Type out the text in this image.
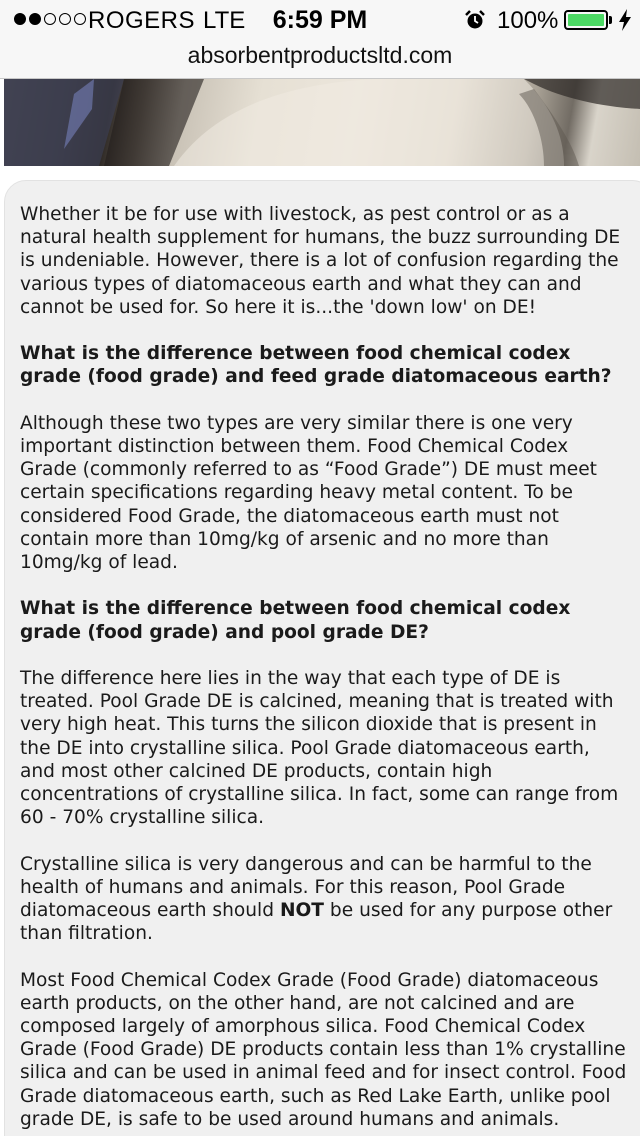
ROGERS LTE	6:59 PM	100%
absorbentproductsltd.com

Whether it be for use with livestock, as pest control or as a natural health supplement for humans, the buzz surrounding DE is undeniable. However, there is a lot of confusion regarding the various types of diatomaceous earth and what they can and cannot be used for. So here it is...the 'down low' on DE!

What is the difference between food chemical codex grade (food grade) and feed grade diatomaceous earth?

Although these two types are very similar there is one very important distinction between them. Food Chemical Codex Grade (commonly referred to as “Food Grade”) DE must meet certain specifications regarding heavy metal content. To be considered Food Grade, the diatomaceous earth must not contain more than 10mg/kg of arsenic and no more than 10mg/kg of lead.

What is the difference between food chemical codex grade (food grade) and pool grade DE?

The difference here lies in the way that each type of DE is treated. Pool Grade DE is calcined, meaning that is treated with very high heat. This turns the silicon dioxide that is present in the DE into crystalline silica. Pool Grade diatomaceous earth, and most other calcined DE products, contain high concentrations of crystalline silica. In fact, some can range from 60 - 70% crystalline silica.

Crystalline silica is very dangerous and can be harmful to the health of humans and animals. For this reason, Pool Grade diatomaceous earth should NOT be used for any purpose other than filtration.

Most Food Chemical Codex Grade (Food Grade) diatomaceous earth products, on the other hand, are not calcined and are composed largely of amorphous silica. Food Chemical Codex Grade (Food Grade) DE products contain less than 1% crystalline silica and can be used in animal feed and for insect control. Food Grade diatomaceous earth, such as Red Lake Earth, unlike pool grade DE, is safe to be used around humans and animals.
